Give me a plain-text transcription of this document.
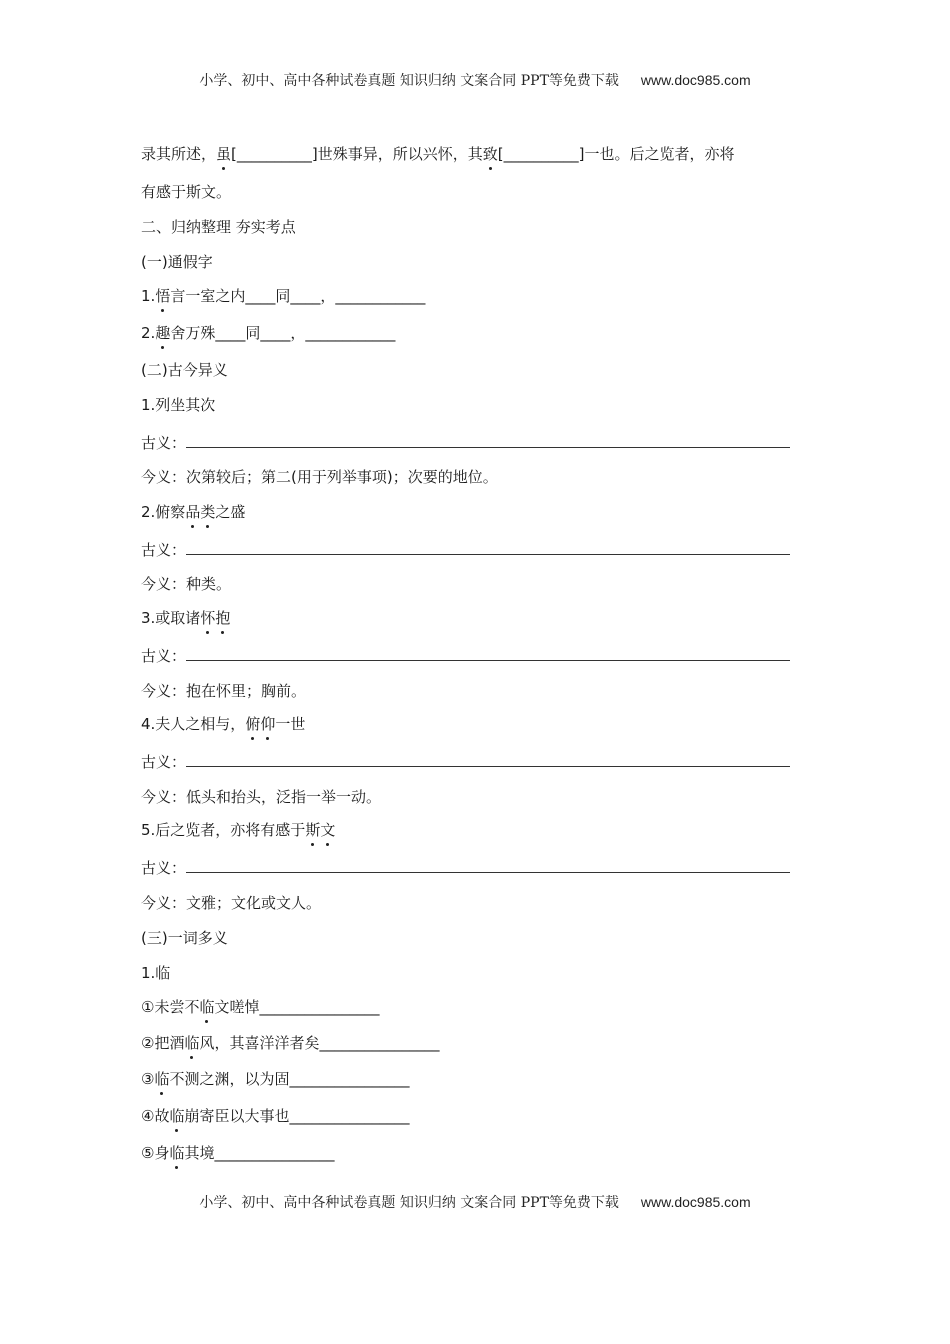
小学、初中、高中各种试卷真题 知识归纳 文案合同 PPT等免费下载 www.doc985.com
录其所述，虽[__________]世殊事异，所以兴怀，其致[__________]一也。后之览者，亦将
有感于斯文。
二、归纳整理 夯实考点
(一)通假字
1.悟言一室之内____同____，____________
2.趣舍万殊____同____，____________
(二)古今异义
1.列坐其次
古义：
今义：次第较后；第二(用于列举事项)；次要的地位。
2.俯察品类之盛
古义：
今义：种类。
3.或取诸怀抱
古义：
今义：抱在怀里；胸前。
4.夫人之相与，俯仰一世
古义：
今义：低头和抬头，泛指一举一动。
5.后之览者，亦将有感于斯文
古义：
今义：文雅；文化或文人。
(三)一词多义
1.临
①未尝不临文嗟悼________________
②把酒临风，其喜洋洋者矣________________
③临不测之渊，以为固________________
④故临崩寄臣以大事也________________
⑤身临其境________________
小学、初中、高中各种试卷真题 知识归纳 文案合同 PPT等免费下载 www.doc985.com
